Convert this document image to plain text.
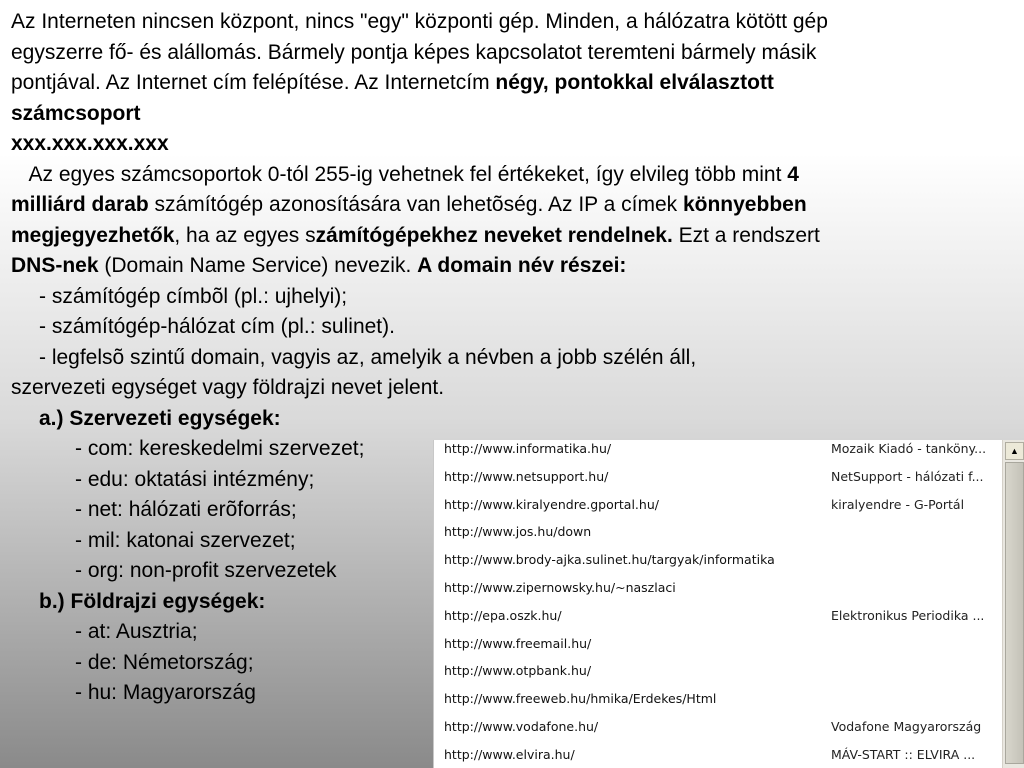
Az Interneten nincsen központ, nincs "egy" központi gép. Minden, a hálózatra kötött gép egyszerre fő- és alállomás. Bármely pontja képes kapcsolatot teremteni bármely másik pontjával. Az Internet cím felépítése. Az Internetcím négy, pontokkal elválasztott számcsoport
xxx.xxx.xxx.xxx

Az egyes számcsoportok 0-tól 255-ig vehetnek fel értékeket, így elvileg több mint 4 milliárd darab számítógép azonosítására van lehetõség. Az IP a címek könnyebben megjegyezhetők, ha az egyes számítógépekhez neveket rendelnek. Ezt a rendszert DNS-nek (Domain Name Service) nevezik. A domain név részei:

- számítógép címbõl (pl.: ujhelyi);

- számítógép-hálózat cím (pl.: sulinet).

- legfelsõ szintű domain, vagyis az, amelyik a névben a jobb szélén áll,
szervezeti egységet vagy földrajzi nevet jelent.

a.) Szervezeti egységek:

- com: kereskedelmi szervezet;

- edu: oktatási intézmény;

- net: hálózati erõforrás;

- mil: katonai szervezet;

- org: non-profit szervezetek

b.) Földrajzi egységek:

- at: Ausztria;

- de: Németország;

- hu: Magyarország

http://www.informatika.hu/	Mozaik Kiadó - tanköny...
http://www.netsupport.hu/	NetSupport - hálózati f...
http://www.kiralyendre.gportal.hu/	kiralyendre - G-Portál
http://www.jos.hu/down
http://www.brody-ajka.sulinet.hu/targyak/informatika
http://www.zipernowsky.hu/~naszlaci
http://epa.oszk.hu/	Elektronikus Periodika ...
http://www.freemail.hu/
http://www.otpbank.hu/
http://www.freeweb.hu/hmika/Erdekes/Html
http://www.vodafone.hu/	Vodafone Magyarország
http://www.elvira.hu/	MÁV-START :: ELVIRA ...
▲
